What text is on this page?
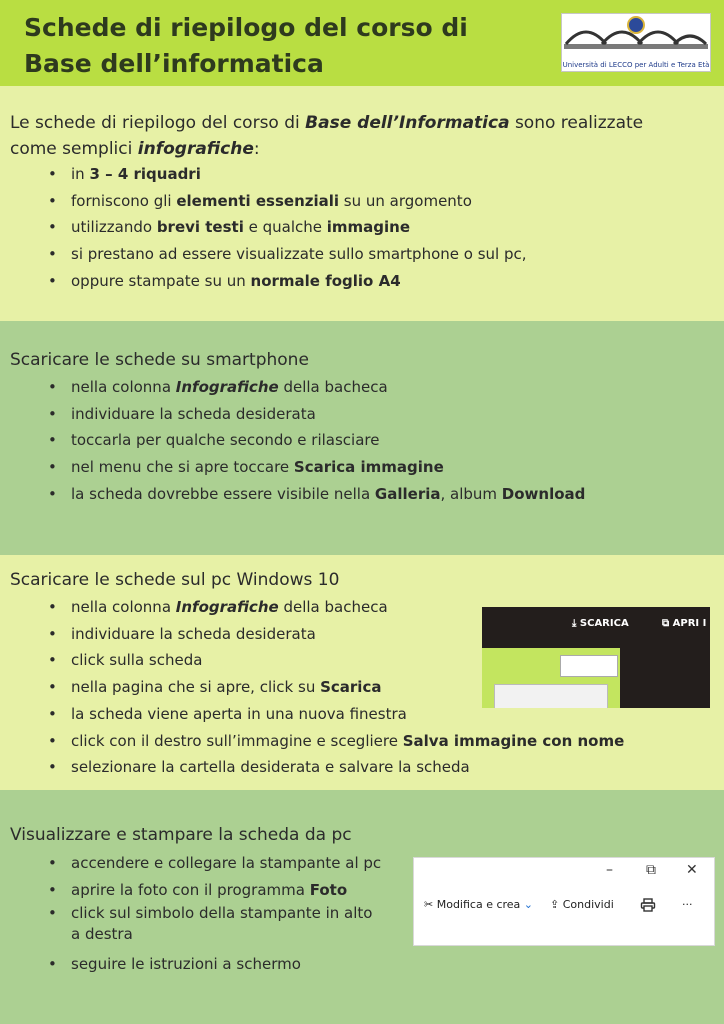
Schede di riepilogo del corso di Base dell’informatica	Università di LECCO per Adulti e Terza Età
Le schede di riepilogo del corso di Base dell’Informatica sono realizzate come semplici infografiche:
• in 3 – 4 riquadri
• forniscono gli elementi essenziali su un argomento
• utilizzando brevi testi e qualche immagine
• si prestano ad essere visualizzate sullo smartphone o sul pc,
• oppure stampate su un normale foglio A4
Scaricare le schede su smartphone
• nella colonna Infografiche della bacheca
• individuare la scheda desiderata
• toccarla per qualche secondo e rilasciare
• nel menu che si apre toccare Scarica immagine
• la scheda dovrebbe essere visibile nella Galleria, album Download
Scaricare le schede sul pc Windows 10
• nella colonna Infografiche della bacheca
• individuare la scheda desiderata
• click sulla scheda
• nella pagina che si apre, click su Scarica
• la scheda viene aperta in una nuova finestra
• click con il destro sull’immagine e scegliere Salva immagine con nome
• selezionare la cartella desiderata e salvare la scheda
⤓ SCARICA	⧉ APRI I
Visualizzare e stampare la scheda da pc
• accendere e collegare la stampante al pc
• aprire la foto con il programma Foto
• click sul simbolo della stampante in alto a destra
• seguire le istruzioni a schermo
– ⧉ ✕
✂ Modifica e crea ⌄ ⇪ Condividi	···
